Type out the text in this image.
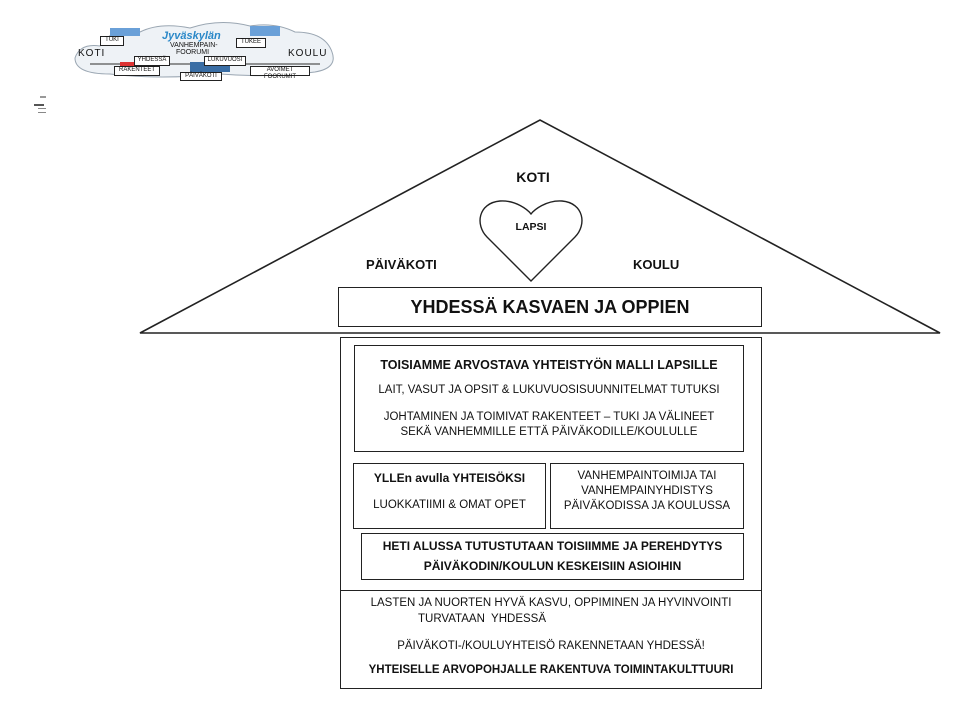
Jyväskylän
VANHEMPAIN-
FOORUMI
KOTI	KOULU
YHDESSÄ	LUKUVUOSI
RAKENTEET	AVOIMET FOORUMIT
PÄIVÄKOTI
TUKEE
TUKI
KOTI
LAPSI
PÄIVÄKOTI	KOULU
YHDESSÄ KASVAEN JA OPPIEN
TOISIAMME ARVOSTAVA YHTEISTYÖN MALLI LAPSILLE
LAIT, VASUT JA OPSIT & LUKUVUOSISUUNNITELMAT TUTUKSI
JOHTAMINEN JA TOIMIVAT RAKENTEET – TUKI JA VÄLINEET
SEKÄ VANHEMMILLE ETTÄ PÄIVÄKODILLE/KOULULLE
YLLEn avulla YHTEISÖKSI
LUOKKATIIMI & OMAT OPET
VANHEMPAINTOIMIJA TAI
VANHEMPAINYHDISTYS
PÄIVÄKODISSA JA KOULUSSA
HETI ALUSSA TUTUSTUTAAN TOISIIMME JA PEREHDYTYS
PÄIVÄKODIN/KOULUN KESKEISIIN ASIOIHIN
LASTEN JA NUORTEN HYVÄ KASVU, OPPIMINEN JA HYVINVOINTI
TURVATAAN  YHDESSÄ
PÄIVÄKOTI-/KOULUYHTEISÖ RAKENNETAAN YHDESSÄ!
YHTEISELLE ARVOPOHJALLE RAKENTUVA TOIMINTAKULTTUURI
